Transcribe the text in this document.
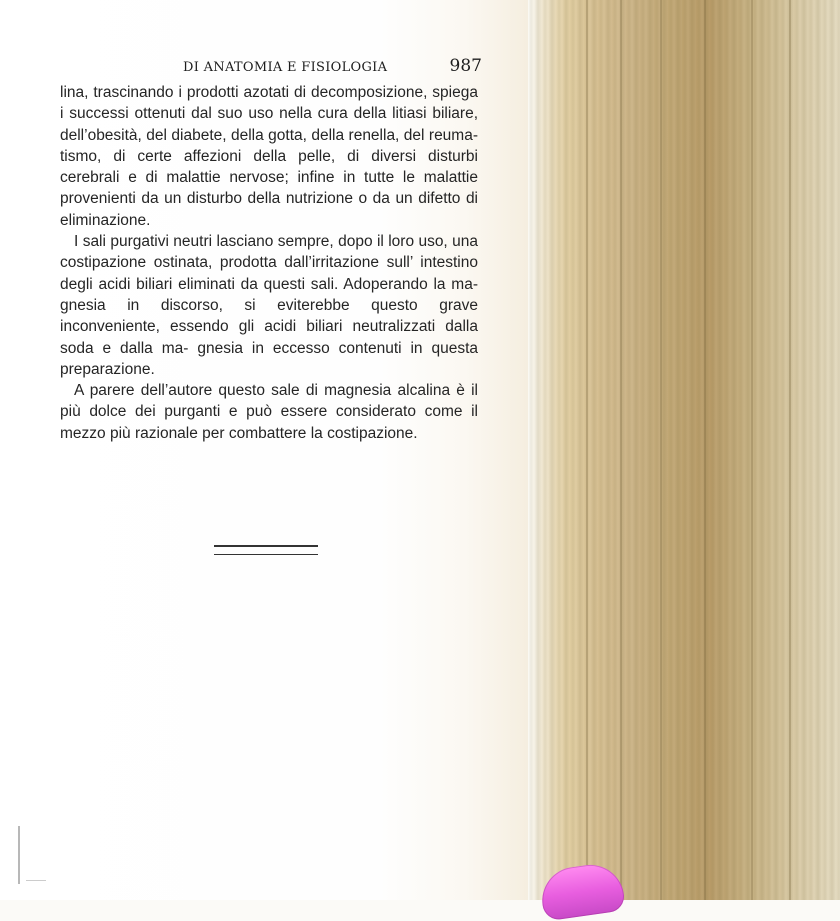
DI ANATOMIA E FISIOLOGIA	987

lina, trascinando i prodotti azotati di decomposizione, spiega i successi ottenuti dal suo uso nella cura della litiasi biliare, dell’obesità, del diabete, della gotta, della renella, del reuma- tismo, di certe affezioni della pelle, di diversi disturbi cerebrali e di malattie nervose; infine in tutte le malattie provenienti da un disturbo della nutrizione o da un difetto di eliminazione.

I sali purgativi neutri lasciano sempre, dopo il loro uso, una costipazione ostinata, prodotta dall’irritazione sull’ intestino degli acidi biliari eliminati da questi sali. Adoperando la ma- gnesia in discorso, si eviterebbe questo grave inconveniente, essendo gli acidi biliari neutralizzati dalla soda e dalla ma- gnesia in eccesso contenuti in questa preparazione.

A parere dell’autore questo sale di magnesia alcalina è il più dolce dei purganti e può essere considerato come il mezzo più razionale per combattere la costipazione.
